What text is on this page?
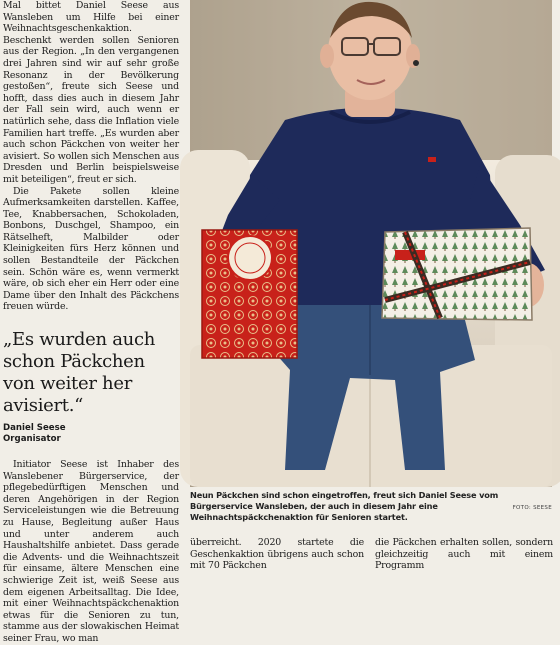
Mal bittet Daniel Seese aus Wansleben um Hilfe bei einer Weihnachtsgeschenkaktion. Beschenkt werden sollen Senioren aus der Region. „In den vergangenen drei Jahren sind wir auf sehr große Resonanz in der Bevölkerung gestoßen“, freute sich Seese und hofft, dass dies auch in diesem Jahr der Fall sein wird, auch wenn er natürlich sehe, dass die Inflation viele Familien hart treffe. „Es wurden aber auch schon Päckchen von weiter her avisiert. So wollen sich Menschen aus Dresden und Berlin beispielsweise mit beteiligen“, freut er sich.

Die Pakete sollen kleine Aufmerksamkeiten darstellen. Kaffee, Tee, Knabbersachen, Schokoladen, Bonbons, Duschgel, Shampoo, ein Rätselheft, Malbilder oder Kleinigkeiten fürs Herz können und sollen Bestandteile der Päckchen sein. Schön wäre es, wenn vermerkt wäre, ob sich eher ein Herr oder eine Dame über den Inhalt des Päckchens freuen würde.

„Es wurden auch schon Päckchen von weiter her avisiert.“

Daniel Seese

Organisator

Initiator Seese ist Inhaber des Wanslebener Bürgerservice, der pflegebedürftigen Menschen und deren Angehörigen in der Region Serviceleistungen wie die Betreuung zu Hause, Begleitung außer Haus und unter anderem auch Haushaltshilfe anbietet. Dass gerade die Advents- und die Weihnachtszeit für einsame, ältere Menschen eine schwierige Zeit ist, weiß Seese aus dem eigenen Arbeitsalltag. Die Idee, mit einer Weihnachtspäckchenaktion etwas für die Senioren zu tun, stamme aus der slowakischen Heimat seiner Frau, wo man

Neun Päckchen sind schon eingetroffen, freut sich Daniel Seese vom Bürgerservice Wansleben, der auch in diesem Jahr eine Weihnachtspäckchenaktion für Senioren startet.
FOTO: SEESE

überreicht. 2020 startete die Geschenkaktion übrigens auch schon mit 70 Päckchen

die Päckchen erhalten sollen, sondern gleichzeitig auch mit einem Programm
